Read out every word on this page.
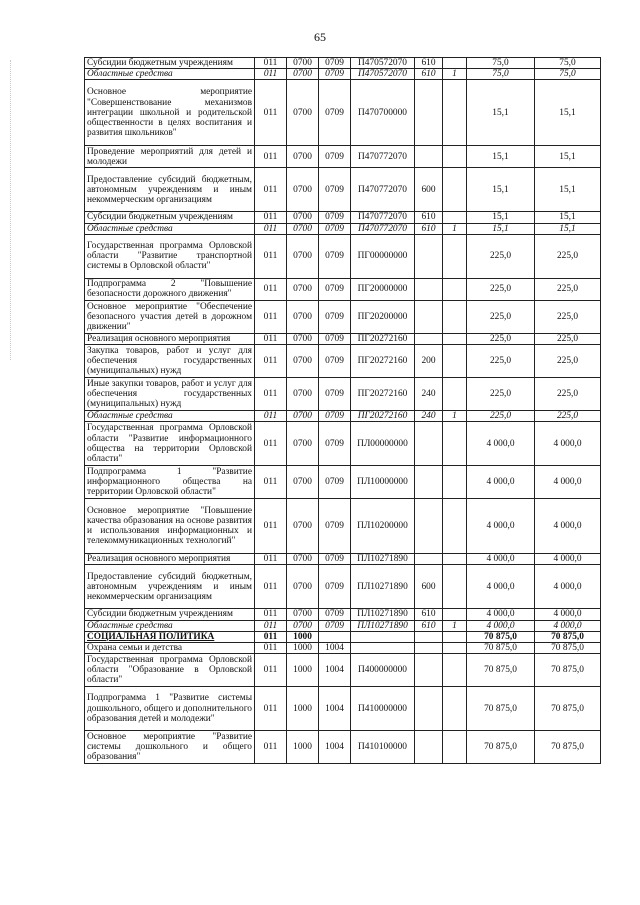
65
Субсидии бюджетным учреждениям	011	0700	0709	П470572070	610		75,0	75,0
Областные средства	011	0700	0709	П470572070	610	1	75,0	75,0
Основное мероприятие "Совершенствование механизмов интеграции школьной и родительской общественности в целях воспитания и развития школьников"	011	0700	0709	П470700000			15,1	15,1
Проведение мероприятий для детей и молодежи	011	0700	0709	П470772070			15,1	15,1
Предоставление субсидий бюджетным, автономным учреждениям и иным некоммерческим организациям	011	0700	0709	П470772070	600		15,1	15,1
Субсидии бюджетным учреждениям	011	0700	0709	П470772070	610		15,1	15,1
Областные средства	011	0700	0709	П470772070	610	1	15,1	15,1
Государственная программа Орловской области "Развитие транспортной системы в Орловской области"	011	0700	0709	ПГ00000000			225,0	225,0
Подпрограмма 2 "Повышение безопасности дорожного движения"	011	0700	0709	ПГ20000000			225,0	225,0
Основное мероприятие "Обеспечение безопасного участия детей в дорожном движении"	011	0700	0709	ПГ20200000			225,0	225,0
Реализация основного мероприятия	011	0700	0709	ПГ20272160			225,0	225,0
Закупка товаров, работ и услуг для обеспечения государственных (муниципальных) нужд	011	0700	0709	ПГ20272160	200		225,0	225,0
Иные закупки товаров, работ и услуг для обеспечения государственных (муниципальных) нужд	011	0700	0709	ПГ20272160	240		225,0	225,0
Областные средства	011	0700	0709	ПГ20272160	240	1	225,0	225,0
Государственная программа Орловской области "Развитие информационного общества на территории Орловской области"	011	0700	0709	ПЛ00000000			4 000,0	4 000,0
Подпрограмма 1 "Развитие информационного общества на территории Орловской области"	011	0700	0709	ПЛ10000000			4 000,0	4 000,0
Основное мероприятие "Повышение качества образования на основе развития и использования информационных и телекоммуникационных технологий"	011	0700	0709	ПЛ10200000			4 000,0	4 000,0
Реализация основного мероприятия	011	0700	0709	ПЛ10271890			4 000,0	4 000,0
Предоставление субсидий бюджетным, автономным учреждениям и иным некоммерческим организациям	011	0700	0709	ПЛ10271890	600		4 000,0	4 000,0
Субсидии бюджетным учреждениям	011	0700	0709	ПЛ10271890	610		4 000,0	4 000,0
Областные средства	011	0700	0709	ПЛ10271890	610	1	4 000,0	4 000,0
СОЦИАЛЬНАЯ ПОЛИТИКА	011	1000					70 875,0	70 875,0
Охрана семьи и детства	011	1000	1004				70 875,0	70 875,0
Государственная программа Орловской области "Образование в Орловской области"	011	1000	1004	П400000000			70 875,0	70 875,0
Подпрограмма 1 "Развитие системы дошкольного, общего и дополнительного образования детей и молодежи"	011	1000	1004	П410000000			70 875,0	70 875,0
Основное мероприятие "Развитие системы дошкольного и общего образования"	011	1000	1004	П410100000			70 875,0	70 875,0
